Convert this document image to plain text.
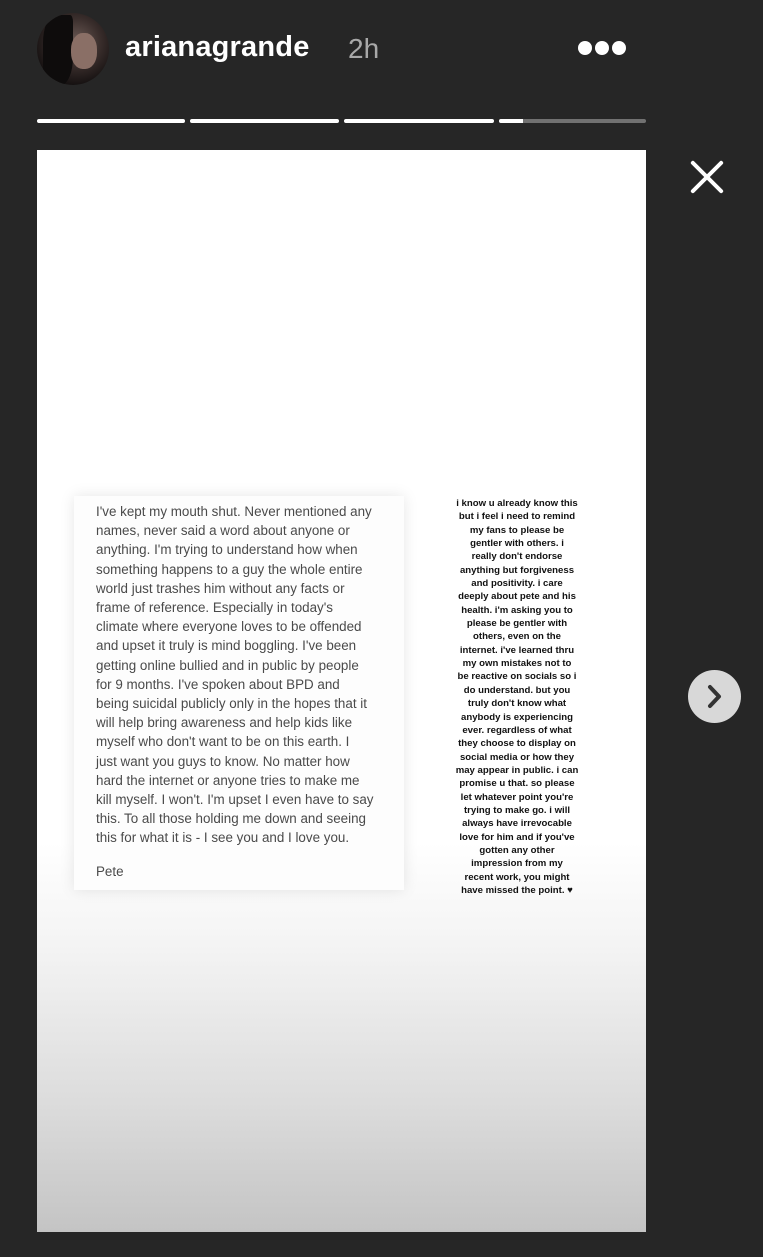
arianagrande 2h
I've kept my mouth shut. Never mentioned any
names, never said a word about anyone or
anything. I'm trying to understand how when
something happens to a guy the whole entire
world just trashes him without any facts or
frame of reference. Especially in today's
climate where everyone loves to be offended
and upset it truly is mind boggling. I've been
getting online bullied and in public by people
for 9 months. I've spoken about BPD and
being suicidal publicly only in the hopes that it
will help bring awareness and help kids like
myself who don't want to be on this earth. I
just want you guys to know. No matter how
hard the internet or anyone tries to make me
kill myself. I won't. I'm upset I even have to say
this. To all those holding me down and seeing
this for what it is - I see you and I love you.
Pete
i know u already know this
but i feel i need to remind
my fans to please be
gentler with others. i
really don't endorse
anything but forgiveness
and positivity. i care
deeply about pete and his
health. i'm asking you to
please be gentler with
others, even on the
internet. i've learned thru
my own mistakes not to
be reactive on socials so i
do understand. but you
truly don't know what
anybody is experiencing
ever. regardless of what
they choose to display on
social media or how they
may appear in public. i can
promise u that. so please
let whatever point you're
trying to make go. i will
always have irrevocable
love for him and if you've
gotten any other
impression from my
recent work, you might
have missed the point. ♥
